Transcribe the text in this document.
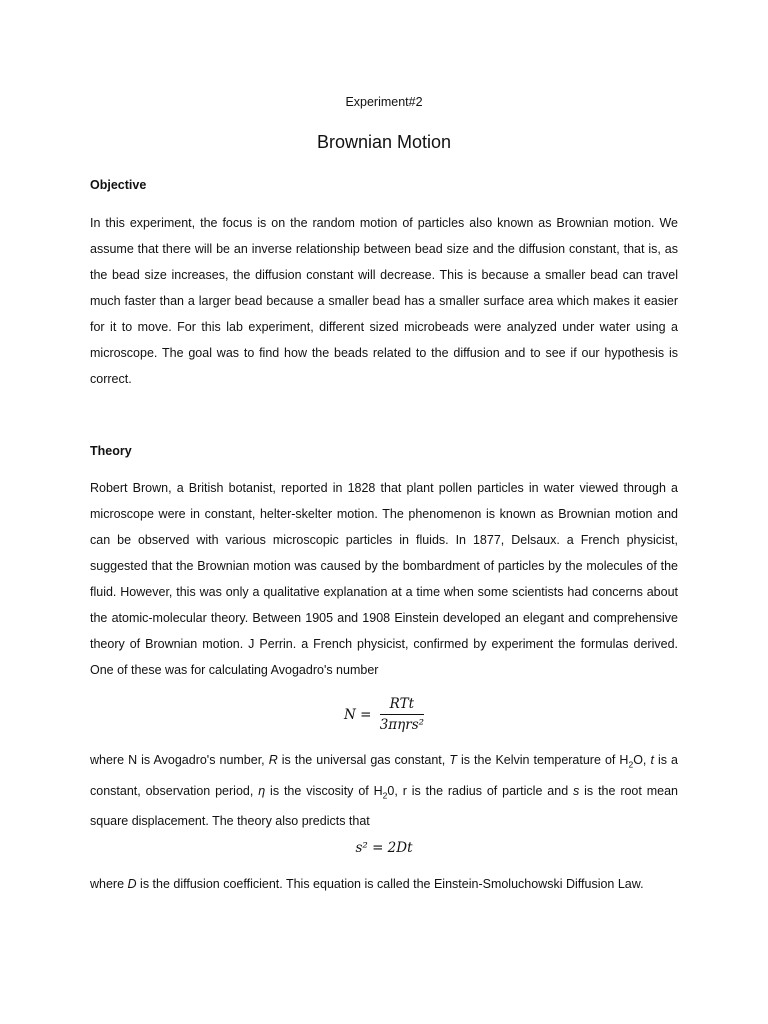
Experiment#2
Brownian Motion
Objective

In this experiment, the focus is on the random motion of particles also known as Brownian motion. We assume that there will be an inverse relationship between bead size and the diffusion constant, that is, as the bead size increases, the diffusion constant will decrease. This is because a smaller bead can travel much faster than a larger bead because a smaller bead has a smaller surface area which makes it easier for it to move. For this lab experiment, different sized microbeads were analyzed under water using a microscope. The goal was to find how the beads related to the diffusion and to see if our hypothesis is correct.

Theory

Robert Brown, a British botanist, reported in 1828 that plant pollen particles in water viewed through a microscope were in constant, helter-skelter motion. The phenomenon is known as Brownian motion and can be observed with various microscopic particles in fluids. In 1877, Delsaux. a French physicist, suggested that the Brownian motion was caused by the bombardment of particles by the molecules of the fluid. However, this was only a qualitative explanation at a time when some scientists had concerns about the atomic-molecular theory. Between 1905 and 1908 Einstein developed an elegant and comprehensive theory of Brownian motion. J Perrin. a French physicist, confirmed by experiment the formulas derived. One of these was for calculating Avogadro's number

$N = \frac{\text{RTt}}{\text{3πηrs²}}$

where N is Avogadro's number, R is the universal gas constant, T is the Kelvin temperature of $H_2O$, t is a constant, observation period, η is the viscosity of $H_20$, r is the radius of particle and s is the root mean square displacement. The theory also predicts that

s² = 2Dt

where D is the diffusion coefficient. This equation is called the Einstein-Smoluchowski Diffusion Law.
